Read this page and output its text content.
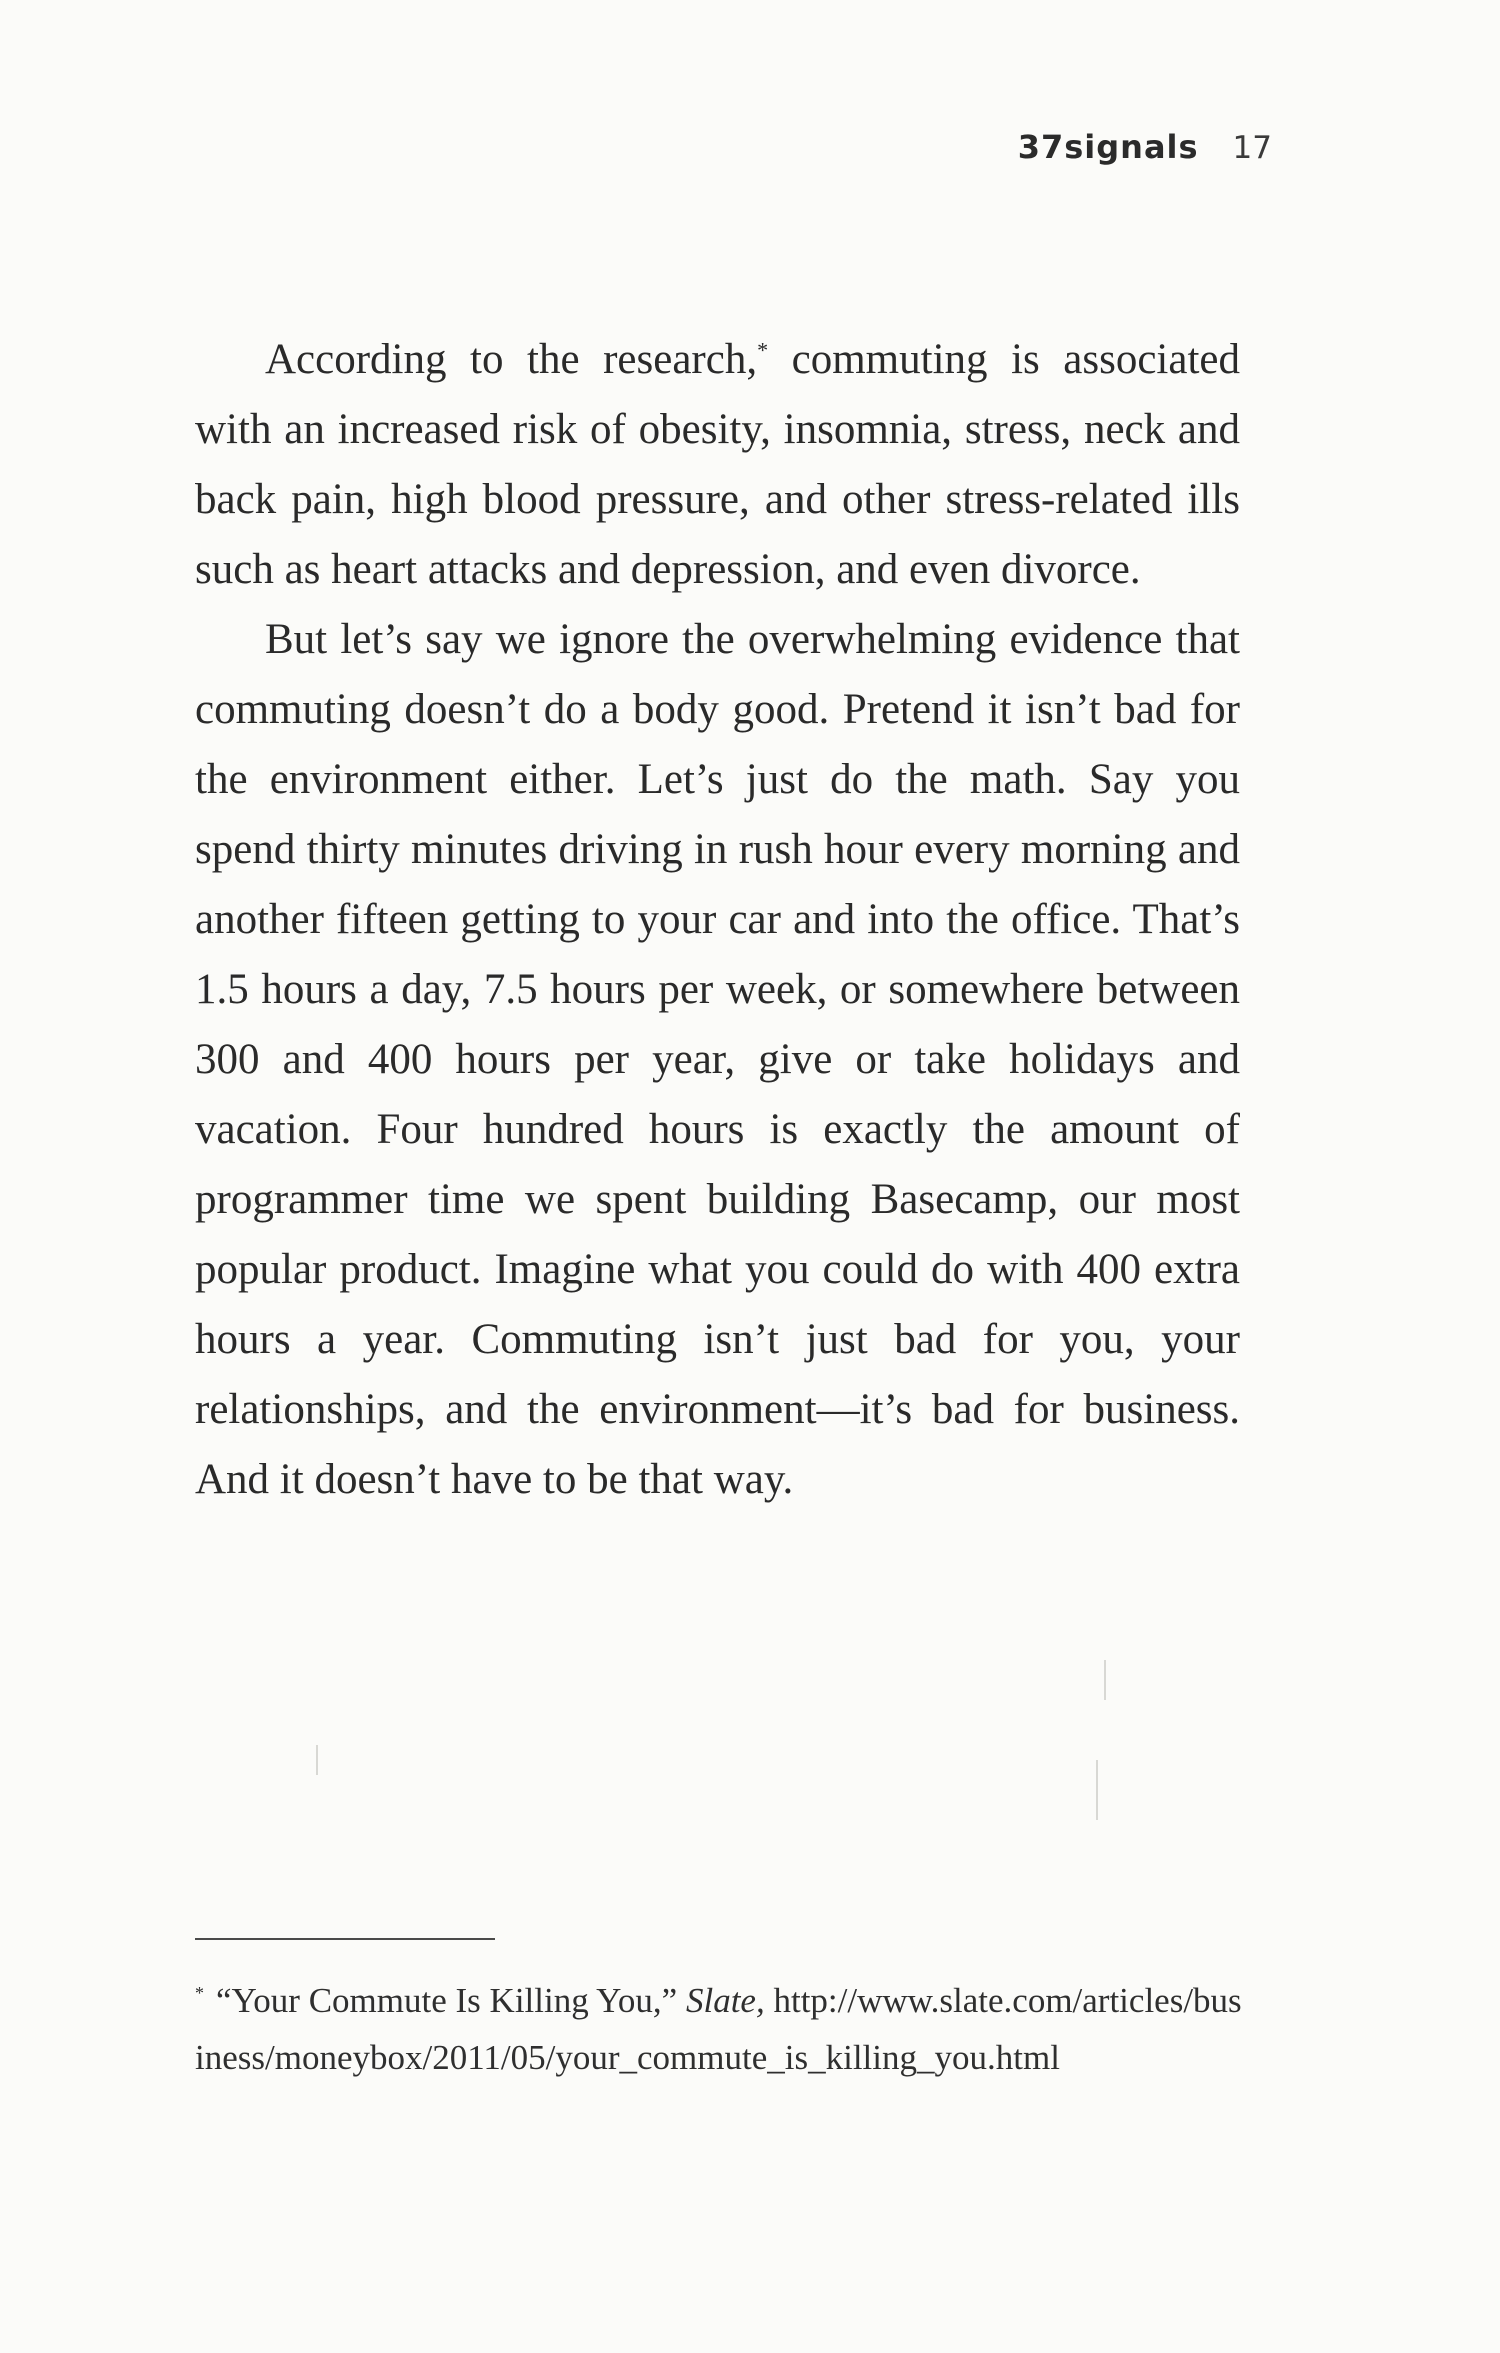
37signals 17

According to the research,* commuting is associated with an increased risk of obesity, insomnia, stress, neck and back pain, high blood pressure, and other stress-related ills such as heart attacks and depression, and even divorce.

But let’s say we ignore the overwhelming evidence that commuting doesn’t do a body good. Pretend it isn’t bad for the environment either. Let’s just do the math. Say you spend thirty minutes driving in rush hour every morning and another fifteen getting to your car and into the office. That’s 1.5 hours a day, 7.5 hours per week, or somewhere between 300 and 400 hours per year, give or take holidays and vacation. Four hundred hours is exactly the amount of programmer time we spent building Basecamp, our most popular product. Imagine what you could do with 400 extra hours a year. Commuting isn’t just bad for you, your relationships, and the environment—it’s bad for business. And it doesn’t have to be that way.

* “Your Commute Is Killing You,” Slate, http://www.slate.com/articles/business/moneybox/2011/05/your_commute_is_killing_you.html
